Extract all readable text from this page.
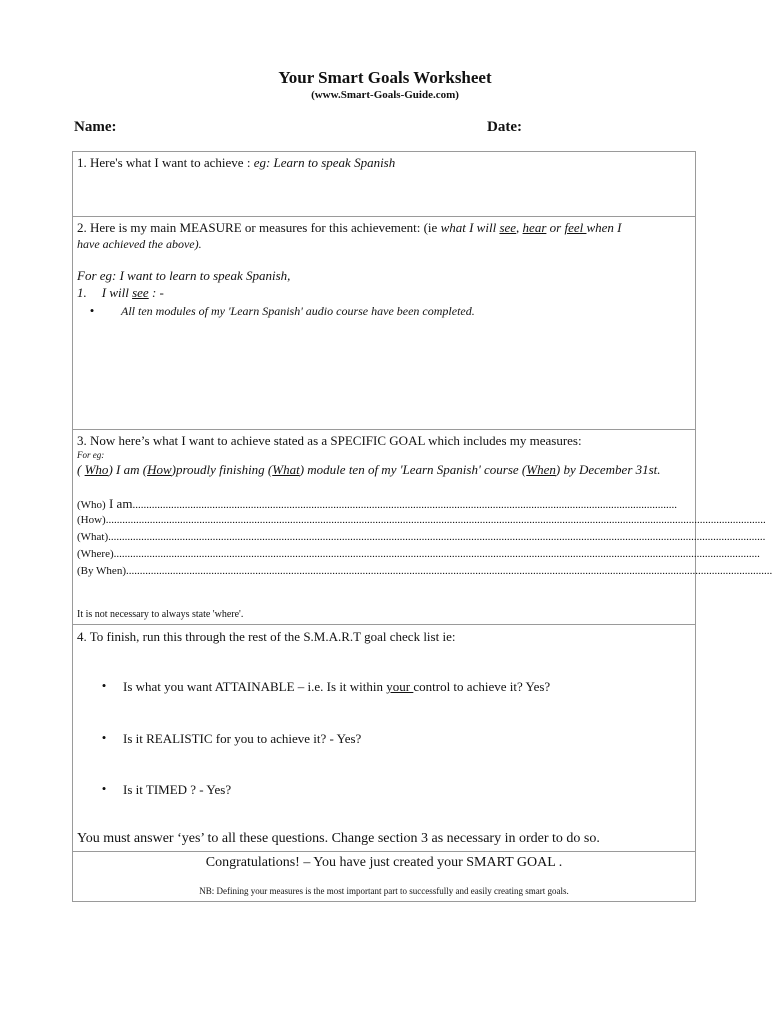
Your Smart Goals Worksheet
(www.Smart-Goals-Guide.com)
Name:	Date:
1. Here's what I want to achieve : eg: Learn to speak Spanish
2. Here is my main MEASURE or measures for this achievement: (ie what I will see, hear or feel when I
have achieved the above).
For eg: I want to learn to speak Spanish,
1. I will see : -
• All ten modules of my 'Learn Spanish' audio course have been completed.
3. Now here’s what I want to achieve stated as a SPECIFIC GOAL which includes my measures:
For eg:
( Who) I am (How)proudly finishing (What) module ten of my 'Learn Spanish' course (When) by December 31st.
(Who) I am......................................................................................................................................................................................................
(How)................................................................................................................................................................................................................................................
(What)...............................................................................................................................................................................................................................................
(Where)...........................................................................................................................................................................................................................................
(By When)...........................................................................................................................................................................................................................................
It is not necessary to always state 'where'.
4. To finish, run this through the rest of the S.M.A.R.T goal check list ie:
• Is what you want ATTAINABLE – i.e. Is it within your control to achieve it? Yes?
• Is it REALISTIC for you to achieve it? - Yes?
• Is it TIMED ? - Yes?
You must answer ‘yes’ to all these questions. Change section 3 as necessary in order to do so.
Congratulations! – You have just created your SMART GOAL .
NB: Defining your measures is the most important part to successfully and easily creating smart goals.
